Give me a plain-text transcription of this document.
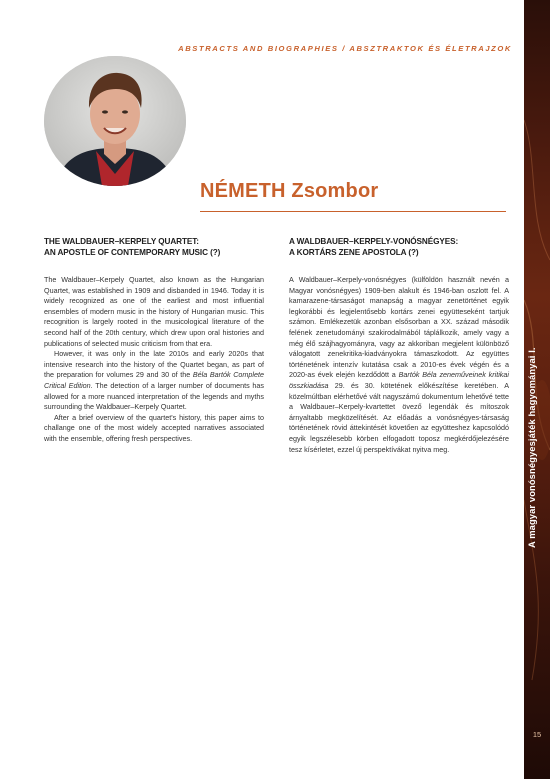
ABSTRACTS AND BIOGRAPHIES / ABSZTRAKTOK ÉS ÉLETRAJZOK
NÉMETH Zsombor
THE WALDBAUER–KERPELY QUARTET:
AN APOSTLE OF CONTEMPORARY MUSIC (?)

The Waldbauer–Kerpely Quartet, also known as the Hungarian Quartet, was established in 1909 and disbanded in 1946. Today it is widely recognized as one of the earliest and most influential ensembles of modern music in the history of Hungarian music. This recognition is largely rooted in the musicological literature of the second half of the 20th century, which drew upon oral histories and publications of selected music criticism from that era.

However, it was only in the late 2010s and early 2020s that intensive research into the history of the Quartet began, as part of the preparation for volumes 29 and 30 of the Béla Bartók Complete Critical Edition. The detection of a larger number of documents has allowed for a more nuanced interpretation of the legends and myths surrounding the Waldbauer–Kerpely Quartet.

After a brief overview of the quartet's history, this paper aims to challange one of the most widely accepted narratives associated with the ensemble, offering fresh perspectives.

A WALDBAUER–KERPELY-VONÓSNÉGYES:
A KORTÁRS ZENE APOSTOLA (?)

A Waldbauer–Kerpely-vonósnégyes (külföldön használt nevén a Magyar vonósnégyes) 1909-ben alakult és 1946-ban oszlott fel. A kamarazene-társaságot manapság a magyar zenetörténet egyik legkorábbi és legjelentősebb kortárs zenei együtteseként tartjuk számon. Emlékezetük azonban elsősorban a XX. század második felének zenetudományi szakirodalmából táplálkozik, amely vagy a még élő szájhagyományra, vagy az akkoriban megjelent különböző válogatott zenekritika-kiadványokra támaszkodott. Az együttes történetének intenzív kutatása csak a 2010-es évek végén és a 2020-as évek elején kezdődött a Bartók Béla zeneműveinek kritikai összkiadása 29. és 30. kötetének előkészítése keretében. A közelmúltban elérhetővé vált nagyszámú dokumentum lehetővé tette a Waldbauer–Kerpely-kvartettet övező legendák és mítoszok árnyaltabb megközelítését. Az előadás a vonósnégyes-társaság történetének rövid áttekintését követően az együtteshez kapcsolódó egyik legszélesebb körben elfogadott toposz megkérdőjelezésére tesz kísérletet, ezzel új perspektívákat nyitva meg.	A magyar vonósnégyesjáték hagyományai I.
15
